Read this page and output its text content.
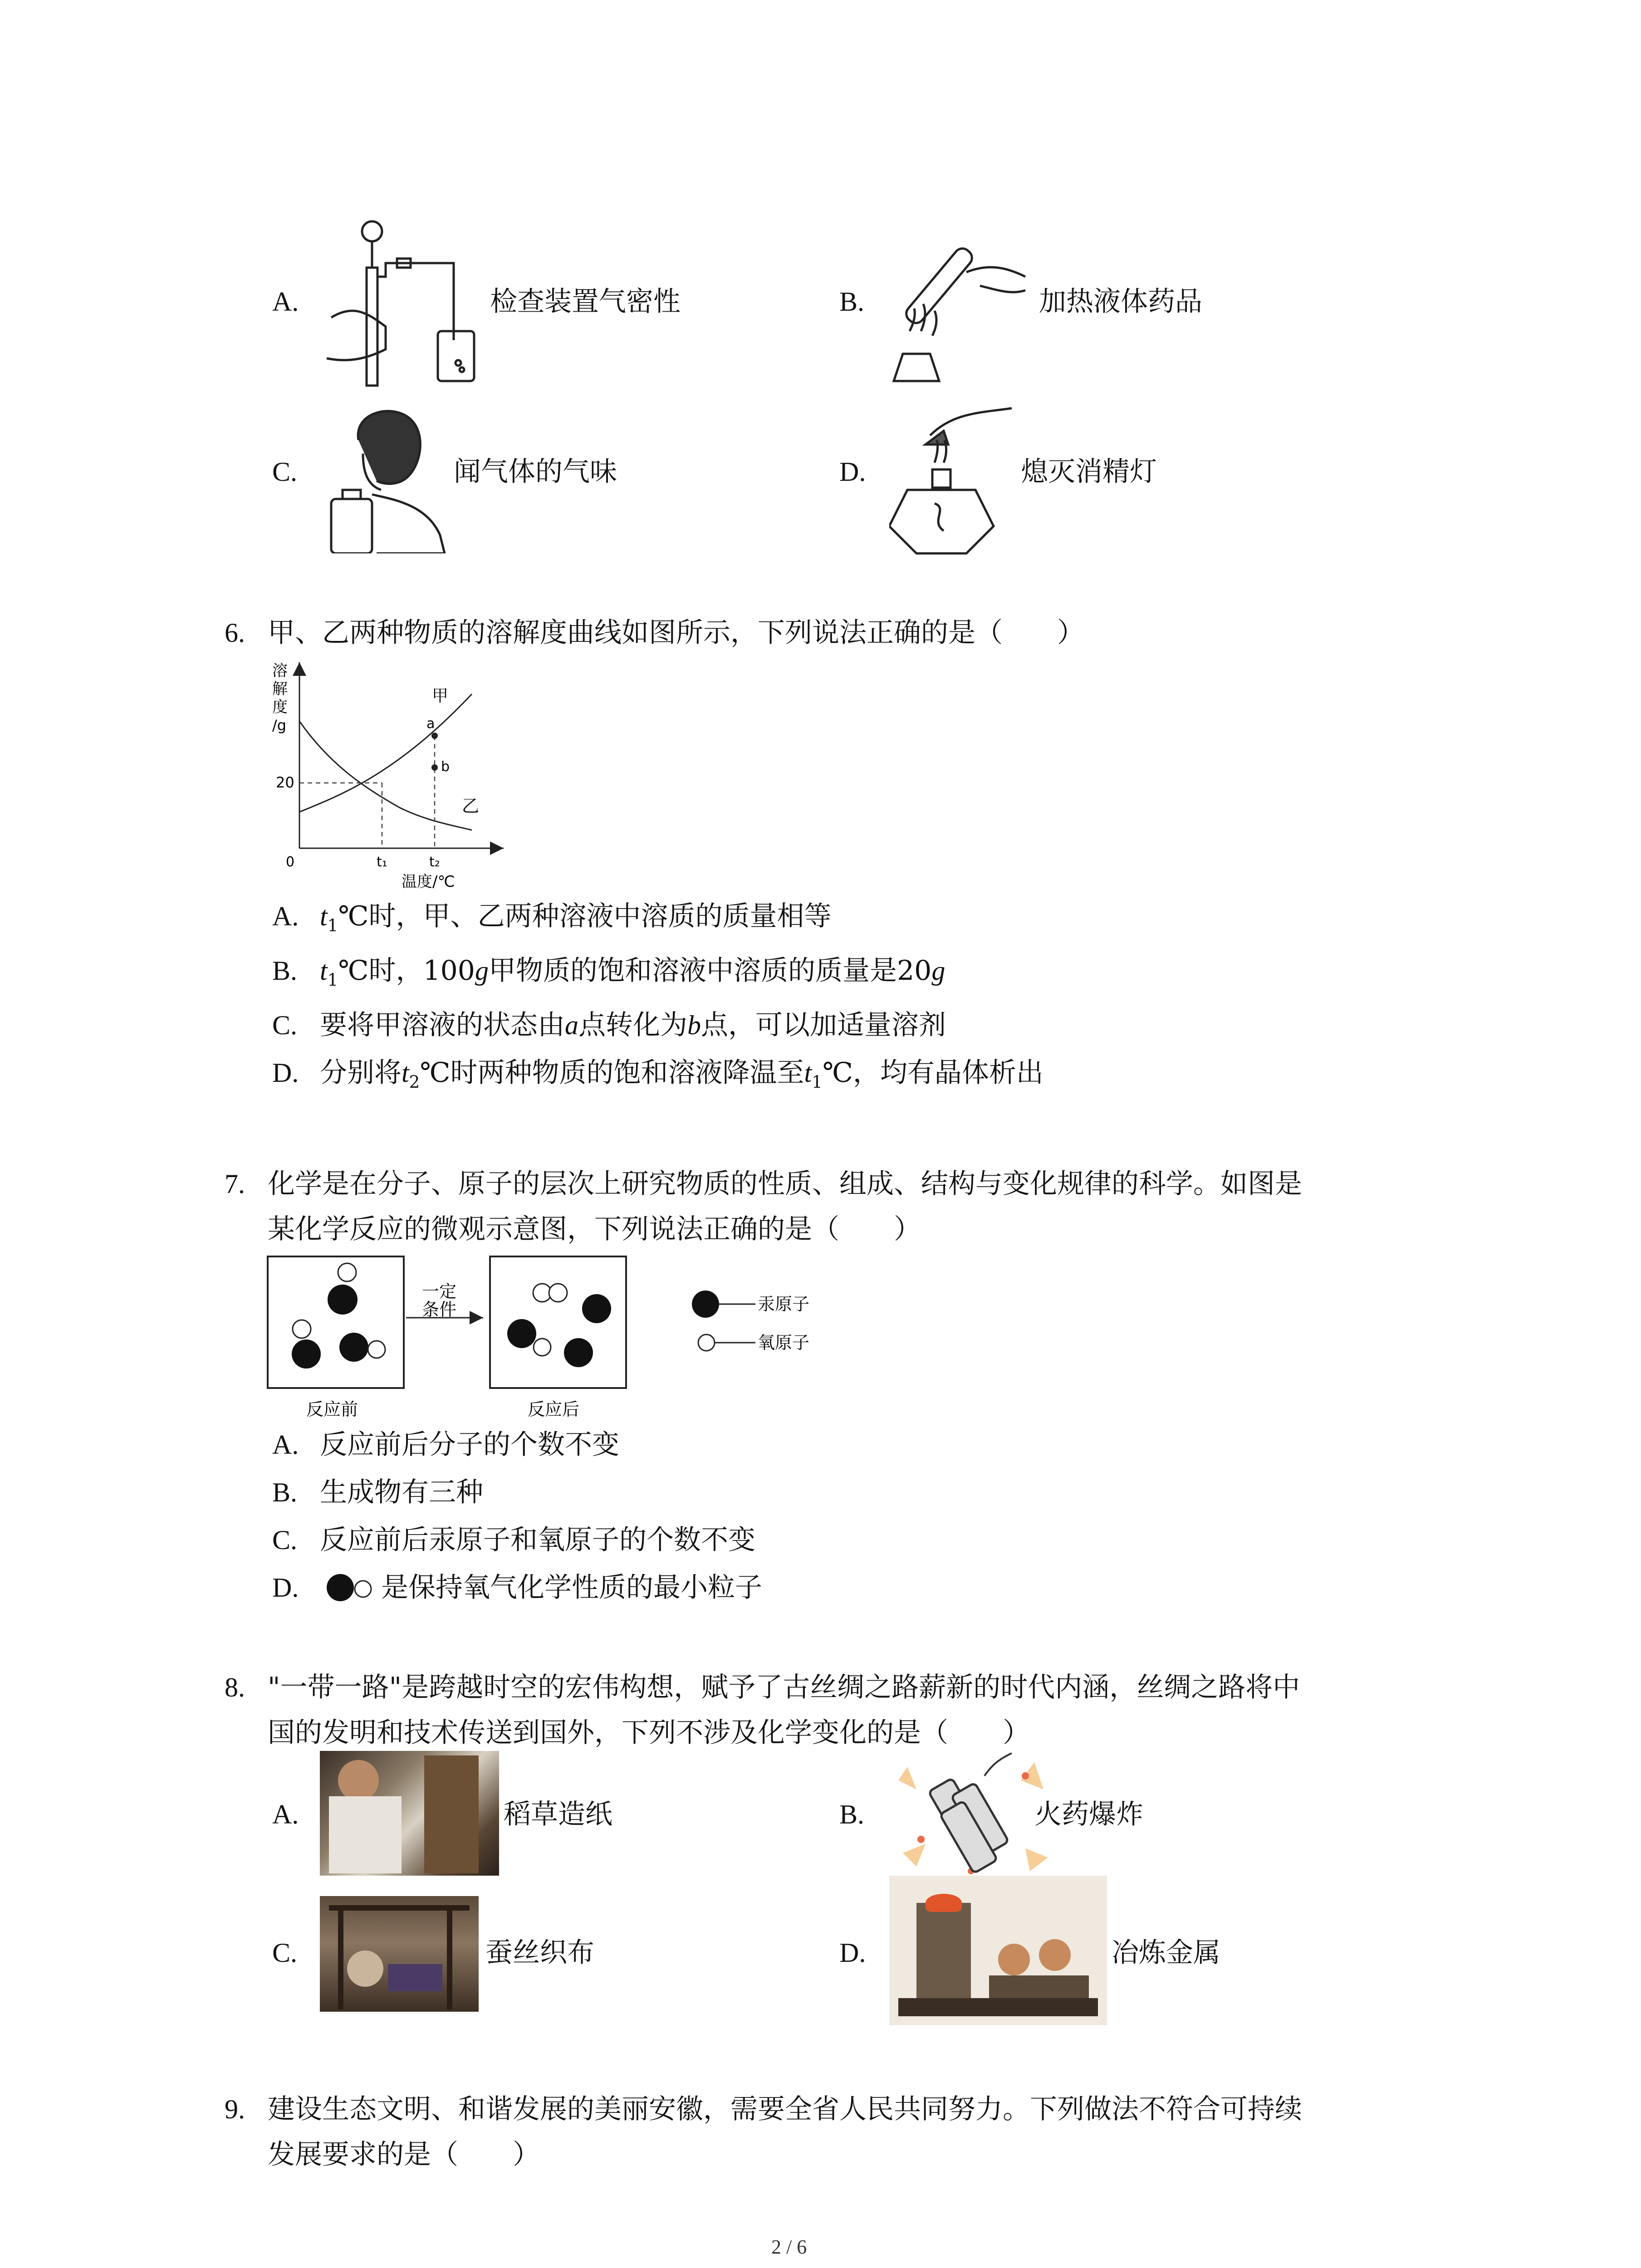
A.	检查装置气密性	B.	加热液体药品
C.	闻气体的气味	D.	熄灭消精灯
6. 甲、乙两种物质的溶解度曲线如图所示，下列说法正确的是（　　）
溶
解
度
/g
20
0	t₁	t₂
温度/℃
甲
乙
a
b
A. $t_1℃$时，甲、乙两种溶液中溶质的质量相等
B. $t_1℃$时，100g甲物质的饱和溶液中溶质的质量是20g
C. 要将甲溶液的状态由a点转化为b点，可以加适量溶剂
D. 分别将$t_2℃$时两种物质的饱和溶液降温至$t_1℃$，均有晶体析出
7. 化学是在分子、原子的层次上研究物质的性质、组成、结构与变化规律的科学。如图是
某化学反应的微观示意图，下列说法正确的是（　　）
一定
条件
反应前	反应后
汞原子
氧原子
A. 反应前后分子的个数不变
B. 生成物有三种
C. 反应前后汞原子和氧原子的个数不变
D.	是保持氧气化学性质的最小粒子
8. "一带一路"是跨越时空的宏伟构想，赋予了古丝绸之路薪新的时代内涵，丝绸之路将中
国的发明和技术传送到国外，下列不涉及化学变化的是（　　）
A.	稻草造纸	B.	火药爆炸
C.	蚕丝织布	D.	冶炼金属
9. 建设生态文明、和谐发展的美丽安徽，需要全省人民共同努力。下列做法不符合可持续
发展要求的是（　　）
2 / 6
